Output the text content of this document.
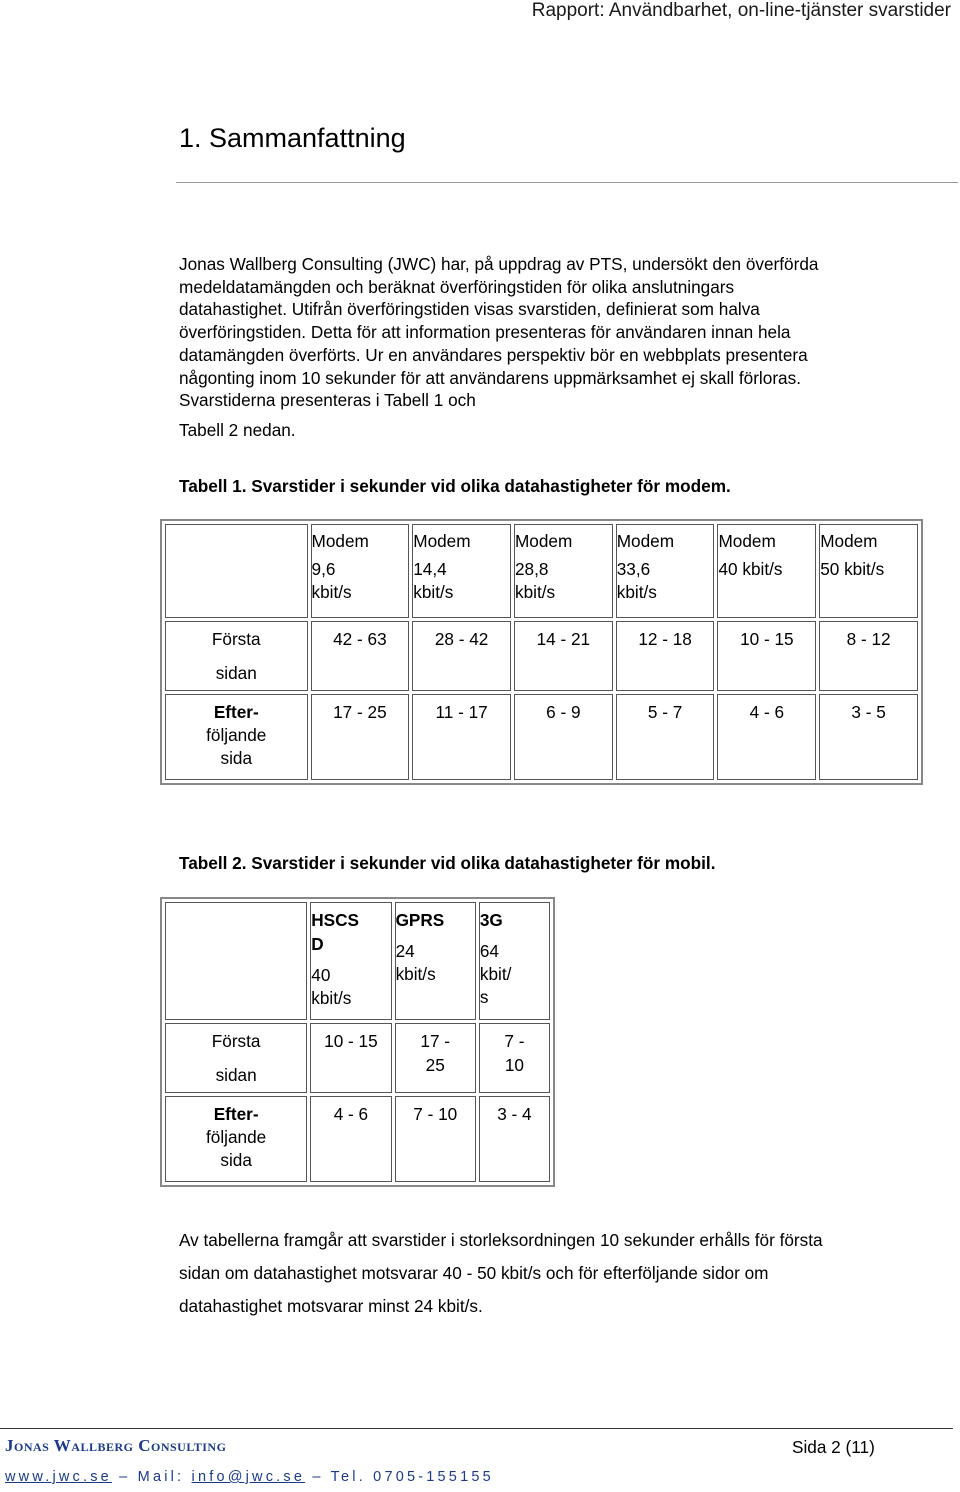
Rapport: Användbarhet, on-line-tjänster svarstider
1. Sammanfattning

Jonas Wallberg Consulting (JWC) har, på uppdrag av PTS, undersökt den överförda
medeldatamängden och beräknat överföringstiden för olika anslutningars
datahastighet. Utifrån överföringstiden visas svarstiden, definierat som halva
överföringstiden. Detta för att information presenteras för användaren innan hela
datamängden överförts. Ur en användares perspektiv bör en webbplats presentera
någonting inom 10 sekunder för att användarens uppmärksamhet ej skall förloras.
Svarstiderna presenteras i Tabell 1 och

Tabell 2 nedan.

Tabell 1. Svarstider i sekunder vid olika datahastigheter för modem.

	Modem
9,6
kbit/s	Modem
14,4
kbit/s	Modem
28,8
kbit/s	Modem
33,6
kbit/s	Modem
40 kbit/s	Modem
50 kbit/s

Första
sidan	42 - 63	28 - 42	14 - 21	12 - 18	10 - 15	8 - 12

Efter-
följande
sida	17 - 25	11 - 17	6 - 9	5 - 7	4 - 6	3 - 5

Tabell 2. Svarstider i sekunder vid olika datahastigheter för mobil.

	HSCS
D
40
kbit/s	GPRS
24
kbit/s	3G
64
kbit/
s

Första
sidan	10 - 15	17 -
25	7 -
10

Efter-
följande
sida	4 - 6	7 - 10	3 - 4

Av tabellerna framgår att svarstider i storleksordningen 10 sekunder erhålls för första
sidan om datahastighet motsvarar 40 - 50 kbit/s och för efterföljande sidor om
datahastighet motsvarar minst 24 kbit/s.

Jonas Wallberg Consulting	Sida 2 (11)
www.jwc.se – Mail: info@jwc.se – Tel. 0705-155155
